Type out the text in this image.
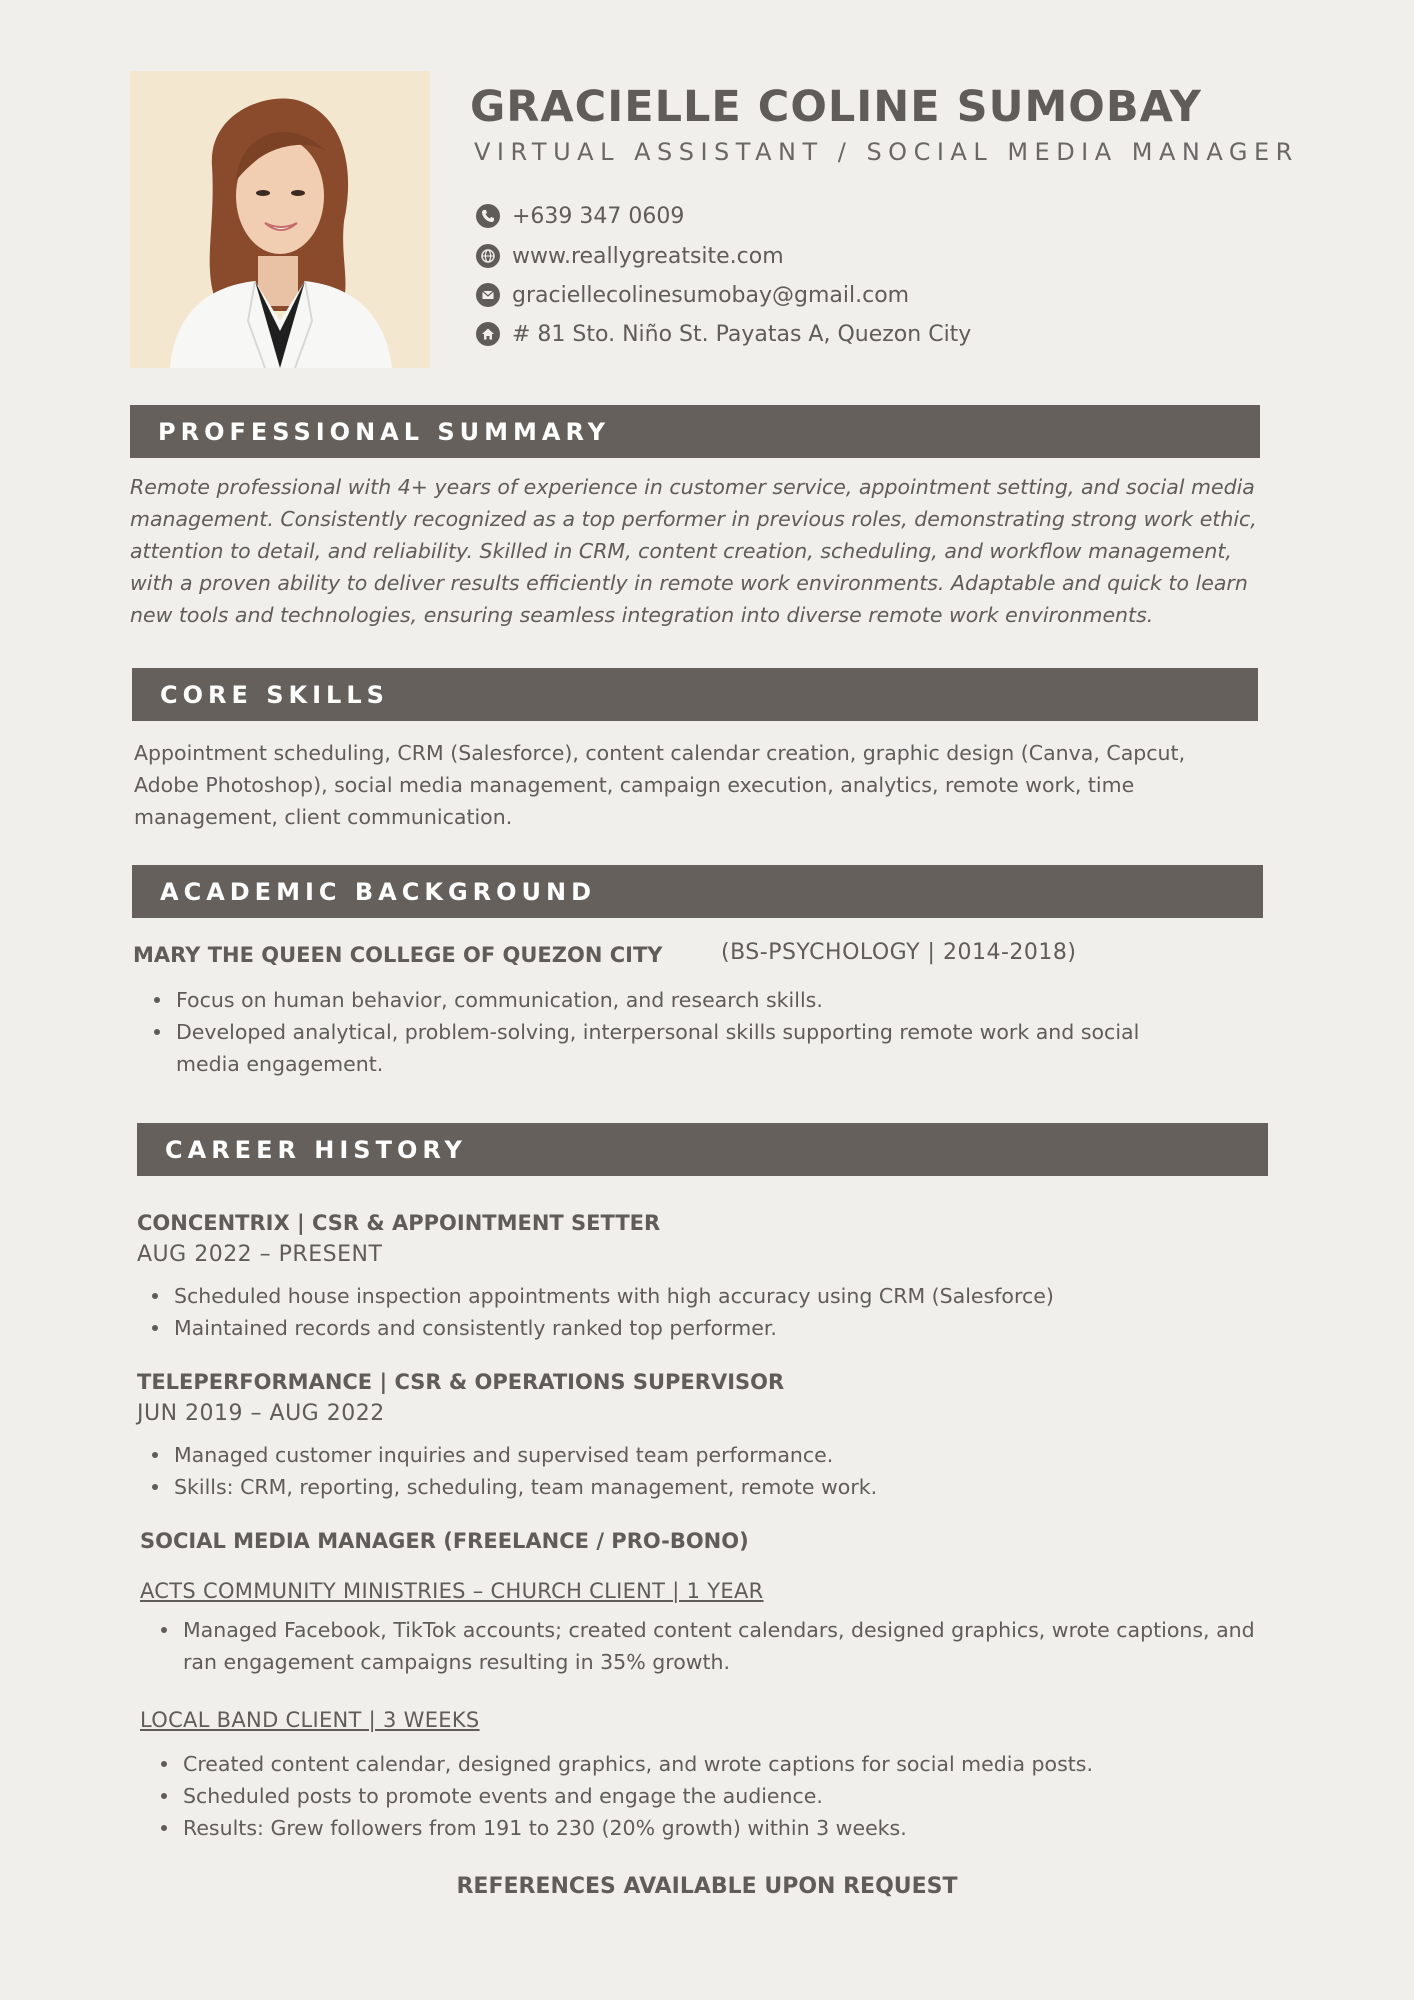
GRACIELLE COLINE SUMOBAY
VIRTUAL ASSISTANT / SOCIAL MEDIA MANAGER
+639 347 0609
www.reallygreatsite.com
graciellecolinesumobay@gmail.com
# 81 Sto. Niño St. Payatas A, Quezon City
PROFESSIONAL SUMMARY
Remote professional with 4+ years of experience in customer service, appointment setting, and social media management. Consistently recognized as a top performer in previous roles, demonstrating strong work ethic, attention to detail, and reliability. Skilled in CRM, content creation, scheduling, and workflow management, with a proven ability to deliver results efficiently in remote work environments. Adaptable and quick to learn new tools and technologies, ensuring seamless integration into diverse remote work environments.
CORE SKILLS
Appointment scheduling, CRM (Salesforce), content calendar creation, graphic design (Canva, Capcut, Adobe Photoshop), social media management, campaign execution, analytics, remote work, time management, client communication.
ACADEMIC BACKGROUND
MARY THE QUEEN COLLEGE OF QUEZON CITY	(BS-PSYCHOLOGY | 2014-2018)
Focus on human behavior, communication, and research skills.
Developed analytical, problem-solving, interpersonal skills supporting remote work and social media engagement.
CAREER HISTORY
CONCENTRIX | CSR & APPOINTMENT SETTER
AUG 2022 – PRESENT
Scheduled house inspection appointments with high accuracy using CRM (Salesforce)
Maintained records and consistently ranked top performer.
TELEPERFORMANCE | CSR & OPERATIONS SUPERVISOR
JUN 2019 – AUG 2022
Managed customer inquiries and supervised team performance.
Skills: CRM, reporting, scheduling, team management, remote work.
SOCIAL MEDIA MANAGER (FREELANCE / PRO-BONO)
ACTS COMMUNITY MINISTRIES – CHURCH CLIENT | 1 YEAR
Managed Facebook, TikTok accounts; created content calendars, designed graphics, wrote captions, and ran engagement campaigns resulting in 35% growth.
LOCAL BAND CLIENT | 3 WEEKS
Created content calendar, designed graphics, and wrote captions for social media posts.
Scheduled posts to promote events and engage the audience.
Results: Grew followers from 191 to 230 (20% growth) within 3 weeks.
REFERENCES AVAILABLE UPON REQUEST
